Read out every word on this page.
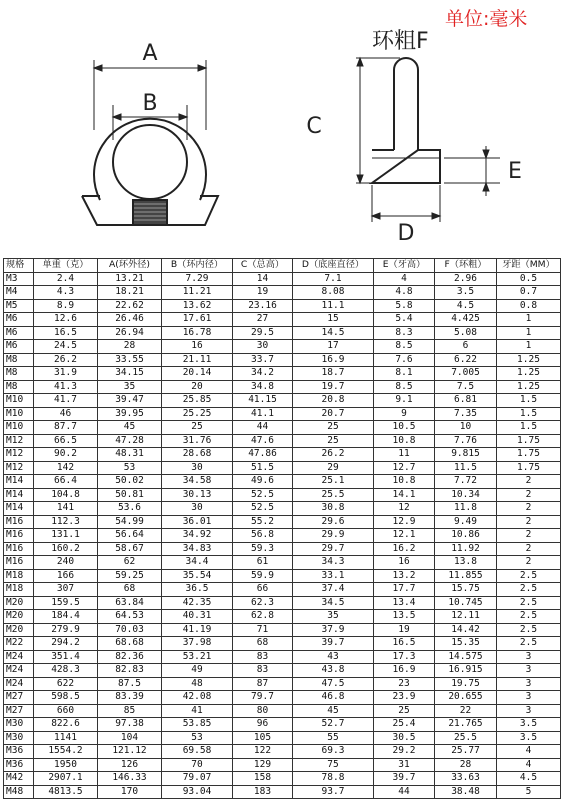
单位:毫米
A
B
C
E
D
环粗F
规格	单重（克）	A(环外径)	B（环内径）	C（总高）	D（底座直径）	E（牙高）	F（环粗）	牙距（MM）
M3	2.4	13.21	7.29	14	7.1	4	2.96	0.5
M4	4.3	18.21	11.21	19	8.08	4.8	3.5	0.7
M5	8.9	22.62	13.62	23.16	11.1	5.8	4.5	0.8
M6	12.6	26.46	17.61	27	15	5.4	4.425	1
M6	16.5	26.94	16.78	29.5	14.5	8.3	5.08	1
M6	24.5	28	16	30	17	8.5	6	1
M8	26.2	33.55	21.11	33.7	16.9	7.6	6.22	1.25
M8	31.9	34.15	20.14	34.2	18.7	8.1	7.005	1.25
M8	41.3	35	20	34.8	19.7	8.5	7.5	1.25
M10	41.7	39.47	25.85	41.15	20.8	9.1	6.81	1.5
M10	46	39.95	25.25	41.1	20.7	9	7.35	1.5
M10	87.7	45	25	44	25	10.5	10	1.5
M12	66.5	47.28	31.76	47.6	25	10.8	7.76	1.75
M12	90.2	48.31	28.68	47.86	26.2	11	9.815	1.75
M12	142	53	30	51.5	29	12.7	11.5	1.75
M14	66.4	50.02	34.58	49.6	25.1	10.8	7.72	2
M14	104.8	50.81	30.13	52.5	25.5	14.1	10.34	2
M14	141	53.6	30	52.5	30.8	12	11.8	2
M16	112.3	54.99	36.01	55.2	29.6	12.9	9.49	2
M16	131.1	56.64	34.92	56.8	29.9	12.1	10.86	2
M16	160.2	58.67	34.83	59.3	29.7	16.2	11.92	2
M16	240	62	34.4	61	34.3	16	13.8	2
M18	166	59.25	35.54	59.9	33.1	13.2	11.855	2.5
M18	307	68	36.5	66	37.4	17.7	15.75	2.5
M20	159.5	63.84	42.35	62.3	34.5	13.4	10.745	2.5
M20	184.4	64.53	40.31	62.8	35	13.5	12.11	2.5
M20	279.9	70.03	41.19	71	37.9	19	14.42	2.5
M22	294.2	68.68	37.98	68	39.7	16.5	15.35	2.5
M24	351.4	82.36	53.21	83	43	17.3	14.575	3
M24	428.3	82.83	49	83	43.8	16.9	16.915	3
M24	622	87.5	48	87	47.5	23	19.75	3
M27	598.5	83.39	42.08	79.7	46.8	23.9	20.655	3
M27	660	85	41	80	45	25	22	3
M30	822.6	97.38	53.85	96	52.7	25.4	21.765	3.5
M30	1141	104	53	105	55	30.5	25.5	3.5
M36	1554.2	121.12	69.58	122	69.3	29.2	25.77	4
M36	1950	126	70	129	75	31	28	4
M42	2907.1	146.33	79.07	158	78.8	39.7	33.63	4.5
M48	4813.5	170	93.04	183	93.7	44	38.48	5
